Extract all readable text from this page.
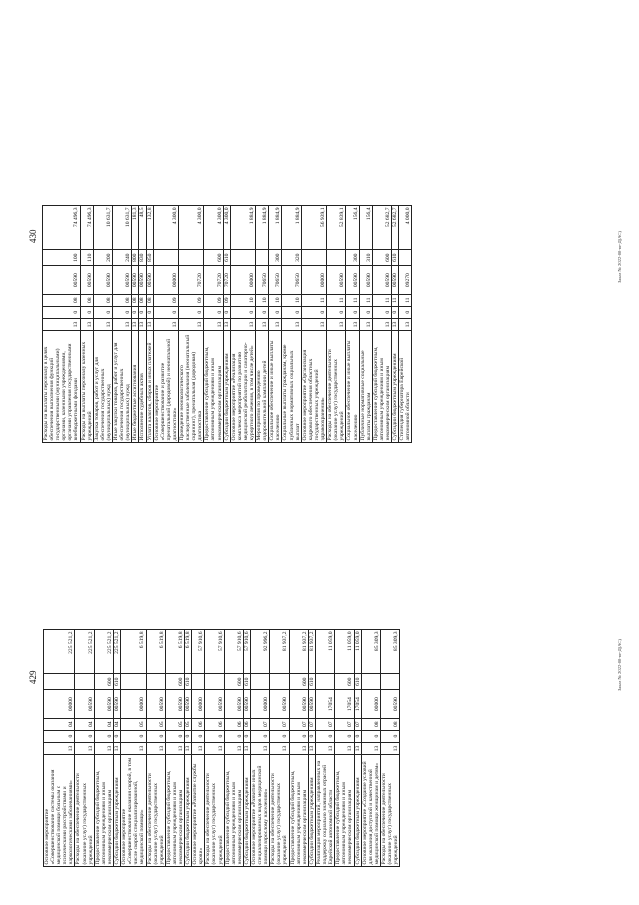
429
Основное мероприятие «Совершенствование системы оказания медицинской помощи больным с психическими расстройствами и наркологическими заболеваниями»	13	0	04	00000		225 521,2
Расходы на обеспечение деятельности (оказание услуг) государственных учреждений	13	0	04	00590		225 521,2
Предоставление субсидий бюджетным, автономным учреждениям и иным некоммерческим организациям	13	0	04	00590	600	225 521,2
Субсидии бюджетным учреждениям	13	0	04	00590	610	225 521,2
Основное мероприятие «Совершенствование оказания скорой, в том числе скорой специализированной, медицинской помощи»	13	0	05	00000		6 519,8
Расходы на обеспечение деятельности (оказание услуг) государственных учреждений	13	0	05	00590		6 519,8
Предоставление субсидий бюджетным, автономным учреждениям и иным некоммерческим организациям	13	0	05	00590	600	6 519,8
Субсидии бюджетным учреждениям	13	0	05	00590	610	6 519,8
Основное мероприятие «Развитие службы крови»	13	0	06	00000		57 910,6
Расходы на обеспечение деятельности (оказание услуг) государственных учреждений	13	0	06	00590		57 910,6
Предоставление субсидий бюджетным, автономным учреждениям и иным некоммерческим организациям	13	0	06	00590	600	57 910,6
Субсидии бюджетным учреждениям	13	0	06	00590	610	57 910,6
Основное мероприятие «Развитие иных специализированных видов медицинской помощи взрослому населению»	13	0	07	00000		92 996,2
Расходы на обеспечение деятельности (оказание услуг) государственных учреждений	13	0	07	00590		81 937,2
Предоставление субсидий бюджетным, автономным учреждениям и иным некоммерческим организациям	13	0	07	00590	600	81 937,2
Субсидии бюджетным учреждениям	13	0	07	00590	610	81 937,2
Реализация мероприятий, направленных на поддержку социально значимых отраслей Еврейской автономной области	13	0	07	17054		11 059,0
Предоставление субсидий бюджетным, автономным учреждениям и иным некоммерческим организациям	13	0	07	17054	600	11 059,0
Субсидии бюджетным учреждениям	13	0	07	17054	610	11 059,0
Основное мероприятие «Создание условий для оказания доступной и качественной медицинской помощи женщинам и детям»	13	0	08	00000		85 309,3
Расходы на обеспечение деятельности (оказание услуг) государственных учреждений	13	0	08	00590		85 309,3	Заказ № 2022-88-ве-Д(АС)
430
Расходы на выплаты персоналу в целях обеспечения выполнения функций государственными (муниципальными) органами, казенными учреждениями, органами управления государственными внебюджетными фондами	13	0	08	00590	100	74 496,3
Расходы на выплаты персоналу казенных учреждений	13	0	08	00590	110	74 496,3
Закупка товаров, работ и услуг для обеспечения государственных (муниципальных) нужд	13	0	08	00590	200	10 631,7
Иные закупки товаров, работ и услуг для обеспечения государственных (муниципальных) нужд	13	0	08	00590	240	10 631,7
Иные бюджетные ассигнования	13	0	08	00590	800	181,3
Исполнение судебных актов	13	0	08	00590	830	48,5
Уплата налогов, сборов и иных платежей	13	0	08	00590	850	132,8
Основное мероприятие «Совершенствование и развитие пренатальной (дородовой) и неонатальной диагностики»	13	0	09	00000		4 300,0
Проведение неонкологического наследственные заболевания (неонатальный скрининг), пренатальная (дородовая) диагностика	13	0	09	70720		4 300,0
Предоставление субсидий бюджетным, автономным учреждениям и иным некоммерческим организациям	13	0	09	70720	600	4 300,0
Субсидии бюджетным учреждениям	13	0	09	70720	610	4 300,0
Основное мероприятие «Реализация комплекса мероприятий по развитию медицинской реабилитации и санаторно-курортного лечения, в том числе детей»	13	0	10	00000		1 884,9
Мероприятия по проведению оздоровительной кампании детей	13	0	10	70650		1 884,9
Социальное обеспечение и иные выплаты населению	13	0	10	70650	300	1 884,9
Социальные выплаты гражданам, кроме публичных нормативных социальных выплат	13	0	10	70650	320	1 884,9
Основное мероприятие «Организация кадрового обеспечения областных государственных учреждений здравоохранения»	13	0	11	00000		56 939,1
Расходы на обеспечение деятельности (оказание услуг) государственных учреждений	13	0	11	00590		52 839,1
Социальное обеспечение и иные выплаты населению	13	0	11	00590	300	156,4
Публичные нормативные социальные выплаты гражданам	13	0	11	00590	310	156,4
Предоставление субсидий бюджетным, автономным учреждениям и иным некоммерческим организациям	13	0	11	00590	600	52 682,7
Субсидии бюджетным учреждениям	13	0	11	00590	610	52 682,7
Стипендия губернатора Еврейской автономной области	13	0	11	09270		4 000,0
Заказ № 2022-88-ве-Д(АС)
